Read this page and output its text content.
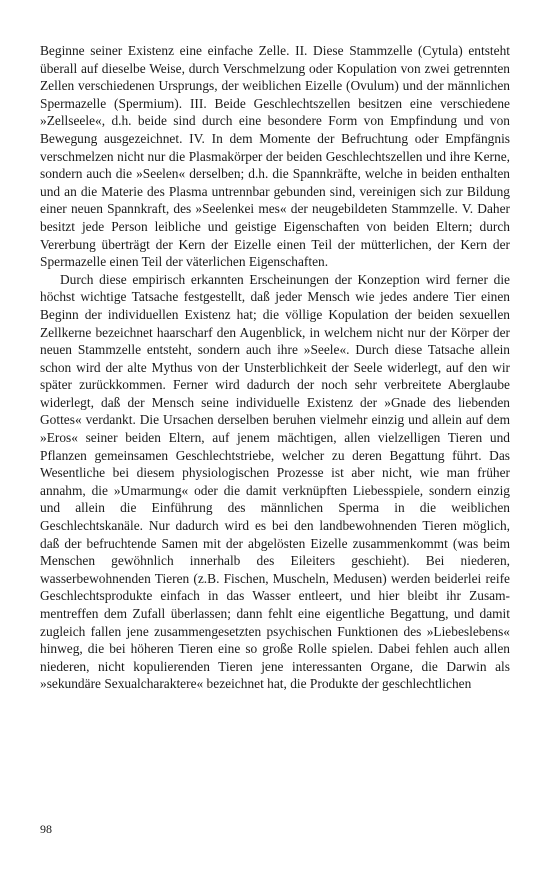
Beginne seiner Existenz eine einfache Zelle. II. Diese Stammzelle (Cytula) entsteht überall auf dieselbe Weise, durch Verschmelzung oder Kopulation von zwei getrennten Zellen verschiedenen Ursprungs, der weiblichen Eizelle (Ovulum) und der männlichen Spermazelle (Spermium). III. Beide Geschlechtszellen besitzen eine verschiedene »Zellseele«, d.h. beide sind durch eine besondere Form von Empfindung und von Bewegung ausgezeichnet. IV. In dem Momente der Befruchtung oder Empfängnis verschmelzen nicht nur die Plasmakörper der beiden Geschlechtszellen und ihre Kerne, sondern auch die »Seelen« derselben; d.h. die Spannkräfte, welche in beiden enthalten und an die Materie des Plasma untrennbar gebunden sind, vereinigen sich zur Bildung einer neuen Spannkraft, des »Seelenkei mes« der neugebildeten Stammzelle. V. Daher besitzt jede Person leibliche und geistige Eigenschaften von beiden Eltern; durch Vererbung überträgt der Kern der Eizelle einen Teil der mütterlichen, der Kern der Spermazelle einen Teil der väterlichen Eigenschaften.

Durch diese empirisch erkannten Erscheinungen der Konzeption wird ferner die höchst wichtige Tatsache festgestellt, daß jeder Mensch wie jedes andere Tier einen Beginn der individuellen Existenz hat; die völlige Kopulation der beiden sexuellen Zellkerne bezeichnet haarscharf den Augenblick, in welchem nicht nur der Körper der neuen Stammzelle entsteht, sondern auch ihre »Seele«. Durch diese Tatsache allein schon wird der alte Mythus von der Unsterblichkeit der Seele widerlegt, auf den wir später zurückkommen. Ferner wird dadurch der noch sehr verbreitete Aberglaube widerlegt, daß der Mensch seine individuelle Existenz der »Gnade des liebenden Gottes« verdankt. Die Ursachen derselben beruhen vielmehr einzig und allein auf dem »Eros« seiner beiden Eltern, auf jenem mächtigen, allen vielzelligen Tieren und Pflanzen gemeinsamen Geschlechtstriebe, welcher zu deren Begattung führt. Das Wesentliche bei diesem physiologischen Prozesse ist aber nicht, wie man früher annahm, die »Umarmung« oder die damit verknüpften Liebesspiele, sondern einzig und allein die Einführung des männlichen Sperma in die weiblichen Geschlechtskanäle. Nur dadurch wird es bei den landbewohnenden Tieren möglich, daß der befruchtende Samen mit der abgelösten Eizelle zusammenkommt (was beim Menschen gewöhnlich innerhalb des Eileiters geschieht). Bei niederen, wasserbewohnenden Tieren (z.B. Fischen, Muscheln, Medusen) werden beiderlei reife Geschlechtsprodukte einfach in das Wasser entleert, und hier bleibt ihr Zusammentreffen dem Zufall überlassen; dann fehlt eine eigentliche Begattung, und damit zugleich fallen jene zusammengesetzten psychischen Funktionen des »Liebeslebens« hinweg, die bei höheren Tieren eine so große Rolle spielen. Dabei fehlen auch allen niederen, nicht kopulierenden Tieren jene interessanten Organe, die Darwin als »sekundäre Sexualcharaktere« bezeichnet hat, die Produkte der geschlechtlichen

98
